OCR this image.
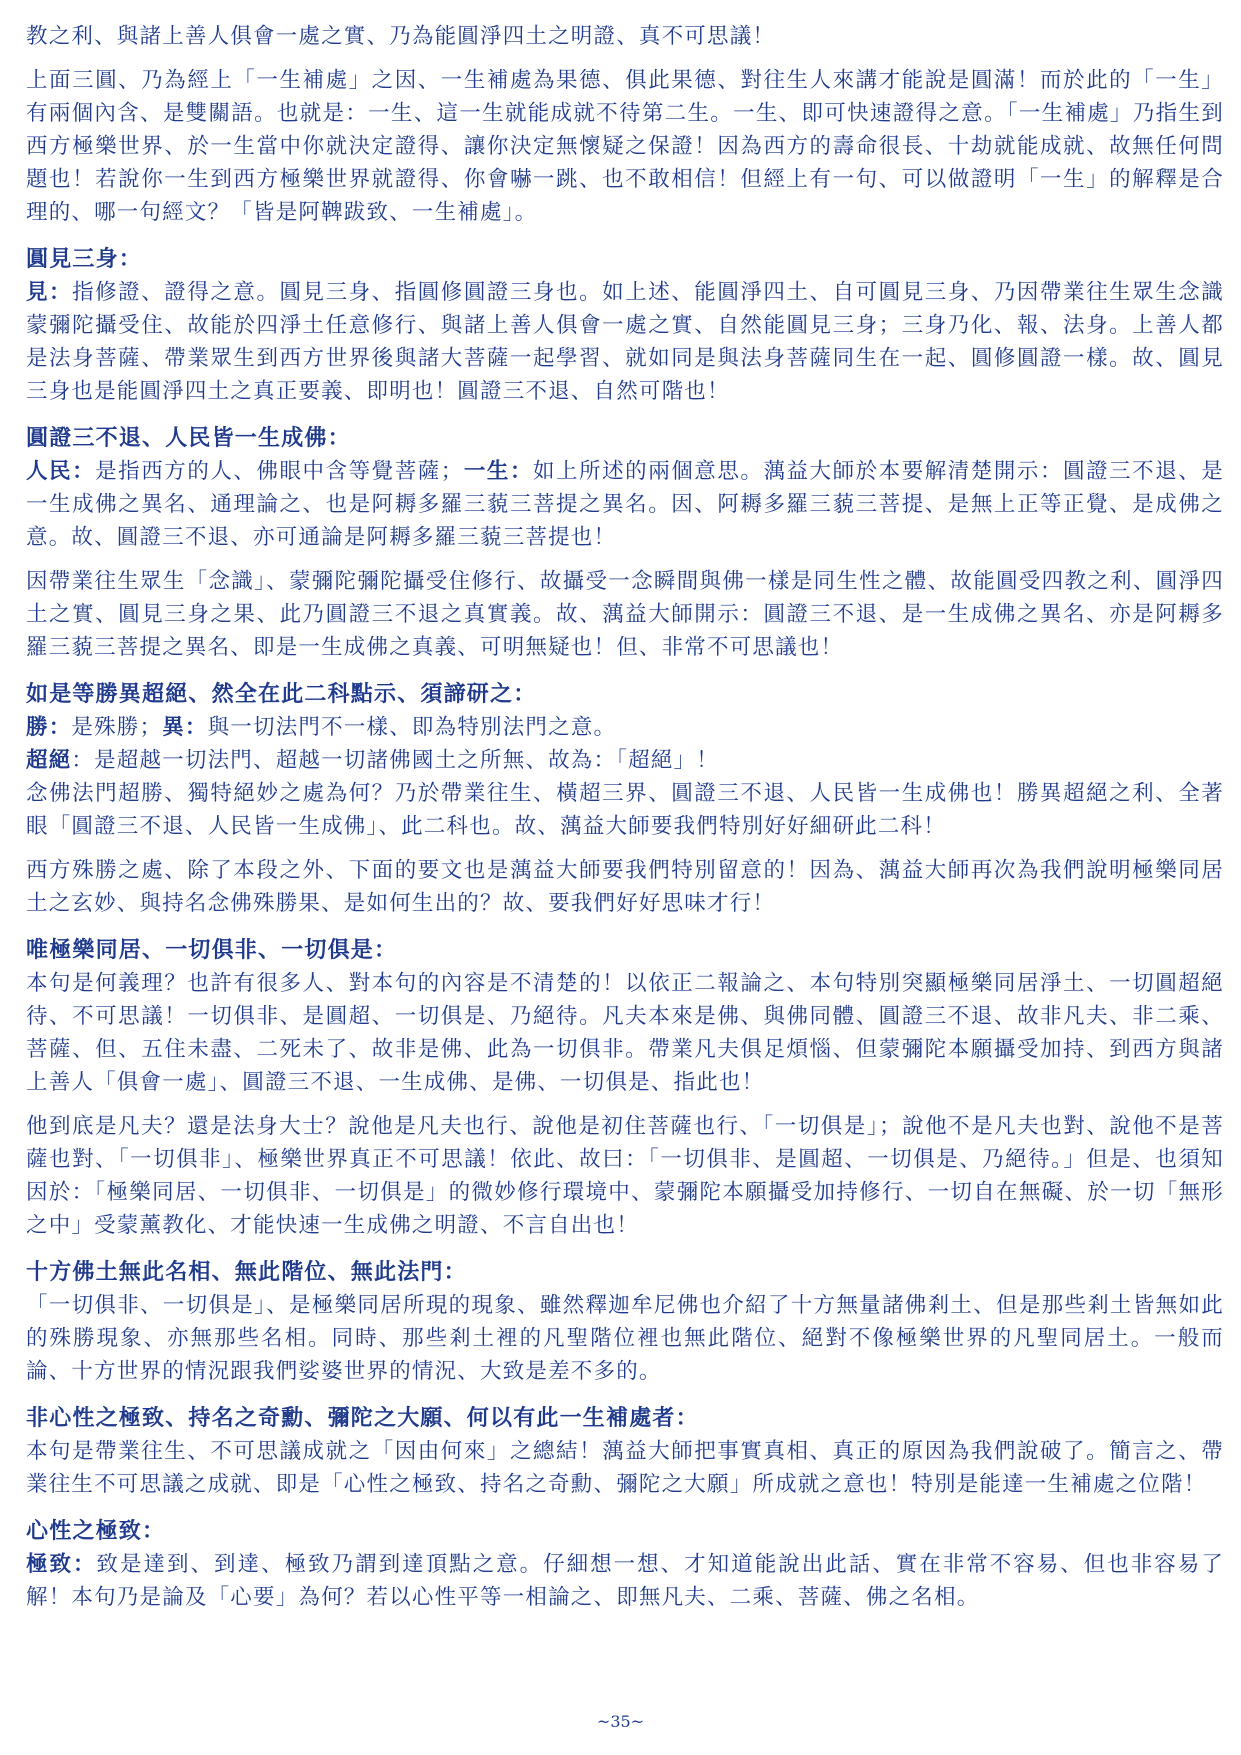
教之利、與諸上善人俱會一處之實、乃為能圓淨四土之明證、真不可思議！

上面三圓、乃為經上「一生補處」之因、一生補處為果德、俱此果德、對往生人來講才能說是圓滿！而於此的「一生」有兩個內含、是雙關語。也就是：一生、這一生就能成就不待第二生。一生、即可快速證得之意。「一生補處」乃指生到西方極樂世界、於一生當中你就決定證得、讓你決定無懷疑之保證！因為西方的壽命很長、十劫就能成就、故無任何問題也！若說你一生到西方極樂世界就證得、你會嚇一跳、也不敢相信！但經上有一句、可以做證明「一生」的解釋是合理的、哪一句經文？「皆是阿鞞跋致、一生補處」。

圓見三身：

見：指修證、證得之意。圓見三身、指圓修圓證三身也。如上述、能圓淨四土、自可圓見三身、乃因帶業往生眾生念識蒙彌陀攝受住、故能於四淨土任意修行、與諸上善人俱會一處之實、自然能圓見三身；三身乃化、報、法身。上善人都是法身菩薩、帶業眾生到西方世界後與諸大菩薩一起學習、就如同是與法身菩薩同生在一起、圓修圓證一樣。故、圓見三身也是能圓淨四土之真正要義、即明也！圓證三不退、自然可階也！

圓證三不退、人民皆一生成佛：

人民：是指西方的人、佛眼中含等覺菩薩；一生：如上所述的兩個意思。蕅益大師於本要解清楚開示：圓證三不退、是一生成佛之異名、通理論之、也是阿耨多羅三藐三菩提之異名。因、阿耨多羅三藐三菩提、是無上正等正覺、是成佛之意。故、圓證三不退、亦可通論是阿耨多羅三藐三菩提也！

因帶業往生眾生「念識」、蒙彌陀彌陀攝受住修行、故攝受一念瞬間與佛一樣是同生性之體、故能圓受四教之利、圓淨四土之實、圓見三身之果、此乃圓證三不退之真實義。故、蕅益大師開示：圓證三不退、是一生成佛之異名、亦是阿耨多羅三藐三菩提之異名、即是一生成佛之真義、可明無疑也！但、非常不可思議也！

如是等勝異超絕、然全在此二科點示、須諦研之：

勝：是殊勝；異：與一切法門不一樣、即為特別法門之意。

超絕：是超越一切法門、超越一切諸佛國土之所無、故為：「超絕」！

念佛法門超勝、獨特絕妙之處為何？乃於帶業往生、橫超三界、圓證三不退、人民皆一生成佛也！勝異超絕之利、全著眼「圓證三不退、人民皆一生成佛」、此二科也。故、蕅益大師要我們特別好好細研此二科！

西方殊勝之處、除了本段之外、下面的要文也是蕅益大師要我們特別留意的！因為、蕅益大師再次為我們說明極樂同居土之玄妙、與持名念佛殊勝果、是如何生出的？故、要我們好好思味才行！

唯極樂同居、一切俱非、一切俱是：

本句是何義理？也許有很多人、對本句的內容是不清楚的！以依正二報論之、本句特別突顯極樂同居淨土、一切圓超絕待、不可思議！一切俱非、是圓超、一切俱是、乃絕待。凡夫本來是佛、與佛同體、圓證三不退、故非凡夫、非二乘、菩薩、但、五住未盡、二死未了、故非是佛、此為一切俱非。帶業凡夫俱足煩惱、但蒙彌陀本願攝受加持、到西方與諸上善人「俱會一處」、圓證三不退、一生成佛、是佛、一切俱是、指此也！

他到底是凡夫？還是法身大士？說他是凡夫也行、說他是初住菩薩也行、「一切俱是」；說他不是凡夫也對、說他不是菩薩也對、「一切俱非」、極樂世界真正不可思議！依此、故曰：「一切俱非、是圓超、一切俱是、乃絕待。」但是、也須知因於：「極樂同居、一切俱非、一切俱是」的微妙修行環境中、蒙彌陀本願攝受加持修行、一切自在無礙、於一切「無形之中」受蒙薰教化、才能快速一生成佛之明證、不言自出也！

十方佛土無此名相、無此階位、無此法門：

「一切俱非、一切俱是」、是極樂同居所現的現象、雖然釋迦牟尼佛也介紹了十方無量諸佛剎土、但是那些剎土皆無如此的殊勝現象、亦無那些名相。同時、那些剎土裡的凡聖階位裡也無此階位、絕對不像極樂世界的凡聖同居土。一般而論、十方世界的情況跟我們娑婆世界的情況、大致是差不多的。

非心性之極致、持名之奇勳、彌陀之大願、何以有此一生補處者：

本句是帶業往生、不可思議成就之「因由何來」之總結！蕅益大師把事實真相、真正的原因為我們說破了。簡言之、帶業往生不可思議之成就、即是「心性之極致、持名之奇勳、彌陀之大願」所成就之意也！特別是能達一生補處之位階！

心性之極致：

極致：致是達到、到達、極致乃謂到達頂點之意。仔細想一想、才知道能說出此話、實在非常不容易、但也非容易了解！本句乃是論及「心要」為何？若以心性平等一相論之、即無凡夫、二乘、菩薩、佛之名相。

~35~
